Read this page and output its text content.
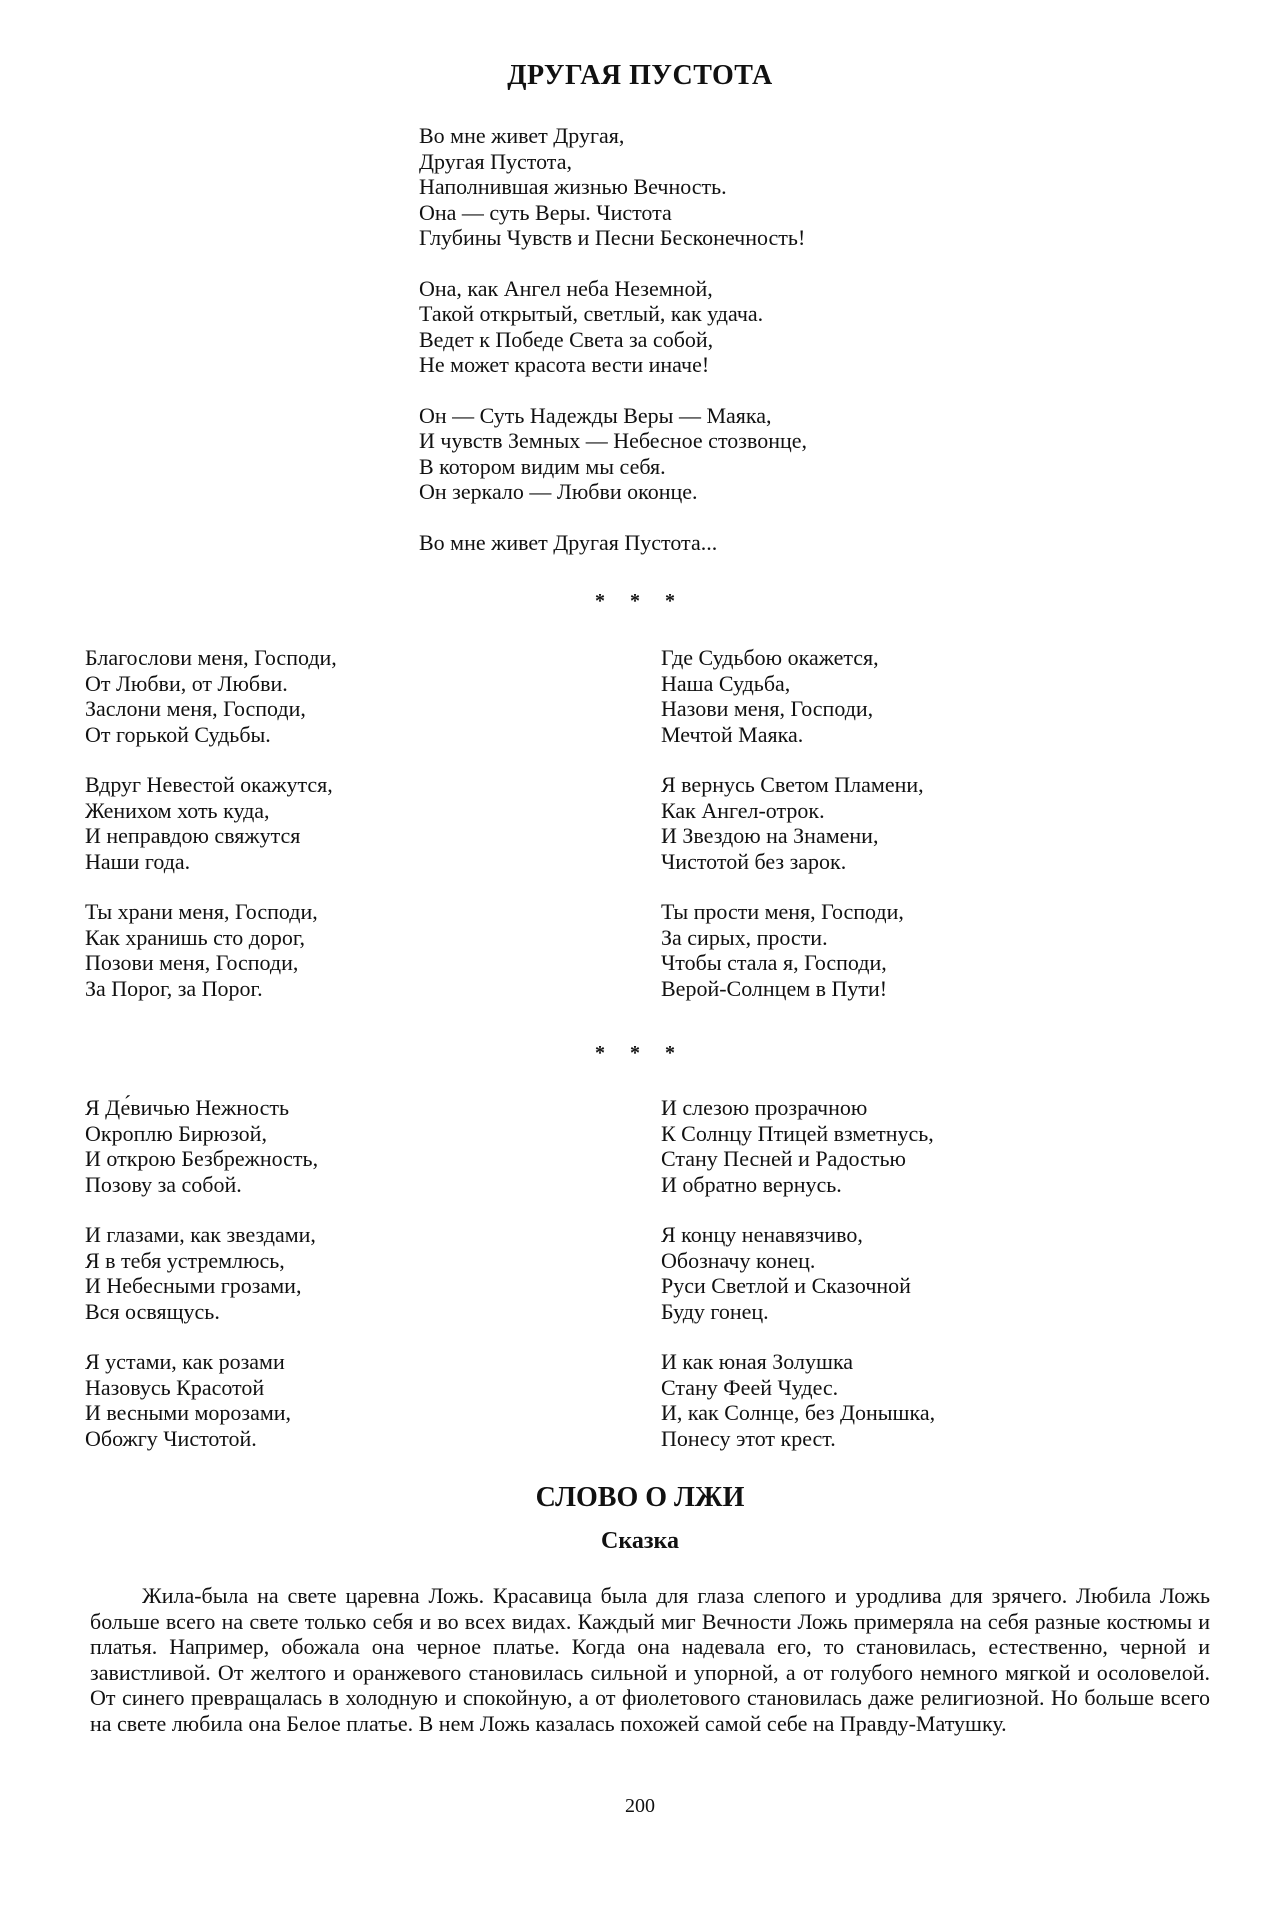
ДРУГАЯ ПУСТОТА
Во мне живет Другая,
Другая Пустота,
Наполнившая жизнью Вечность.
Она — суть Веры. Чистота
Глубины Чувств и Песни Бесконечность!
Она, как Ангел неба Неземной,
Такой открытый, светлый, как удача.
Ведет к Победе Света за собой,
Не может красота вести иначе!
Он — Суть Надежды Веры — Маяка,
И чувств Земных — Небесное стозвонце,
В котором видим мы себя.
Он зеркало — Любви оконце.
Во мне живет Другая Пустота...
* * *
Благослови меня, Господи,
От Любви, от Любви.
Заслони меня, Господи,
От горькой Судьбы.
Вдруг Невестой окажутся,
Женихом хоть куда,
И неправдою свяжутся
Наши года.
Ты храни меня, Господи,
Как хранишь сто дорог,
Позови меня, Господи,
За Порог, за Порог.
Где Судьбою окажется,
Наша Судьба,
Назови меня, Господи,
Мечтой Маяка.
Я вернусь Светом Пламени,
Как Ангел-отрок.
И Звездою на Знамени,
Чистотой без зарок.
Ты прости меня, Господи,
За сирых, прости.
Чтобы стала я, Господи,
Верой-Солнцем в Пути!
* * *
Я Де́вичью Нежность
Окроплю Бирюзой,
И открою Безбрежность,
Позову за собой.
И глазами, как звездами,
Я в тебя устремлюсь,
И Небесными грозами,
Вся освящусь.
Я устами, как розами
Назовусь Красотой
И весными морозами,
Обожгу Чистотой.
И слезою прозрачною
К Солнцу Птицей взметнусь,
Стану Песней и Радостью
И обратно вернусь.
Я концу ненавязчиво,
Обозначу конец.
Руси Светлой и Сказочной
Буду гонец.
И как юная Золушка
Стану Феей Чудес.
И, как Солнце, без Донышка,
Понесу этот крест.
СЛОВО О ЛЖИ
Сказка

Жила-была на свете царевна Ложь. Красавица была для глаза слепого и уродлива для зрячего. Любила Ложь больше всего на свете только себя и во всех видах. Каждый миг Вечности Ложь примеряла на себя разные костюмы и платья. Например, обожала она черное платье. Когда она надевала его, то становилась, естественно, черной и завистливой. От желтого и оранжевого становилась сильной и упорной, а от голубого немного мягкой и осоловелой. От синего превращалась в холодную и спокойную, а от фиолетового становилась даже религиозной. Но больше всего на свете любила она Белое платье. В нем Ложь казалась похожей самой себе на Правду-Матушку.

200
